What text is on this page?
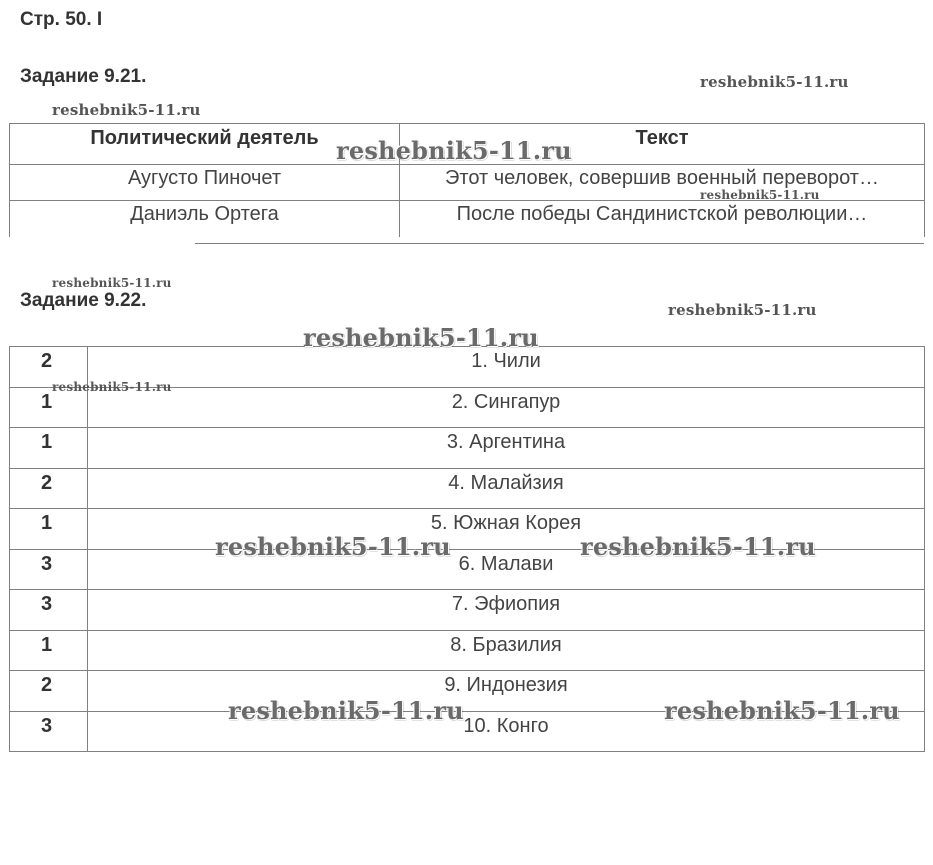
Стр. 50. I
Задание 9.21.
Политический деятель	Текст
Аугусто Пиночет	Этот человек, совершив военный переворот…
Даниэль Ортега	После победы Сандинистской революции…
Задание 9.22.
2	1. Чили
1	2. Сингапур
1	3. Аргентина
2	4. Малайзия
1	5. Южная Корея
3	6. Малави
3	7. Эфиопия
1	8. Бразилия
2	9. Индонезия
3	10. Конго
reshebnik5-11.ru
reshebnik5-11.ru
reshebnik5-11.ru
reshebnik5-11.ru
reshebnik5-11.ru
reshebnik5-11.ru
reshebnik5-11.ru
reshebnik5-11.ru
reshebnik5-11.ru	reshebnik5-11.ru
reshebnik5-11.ru	reshebnik5-11.ru
